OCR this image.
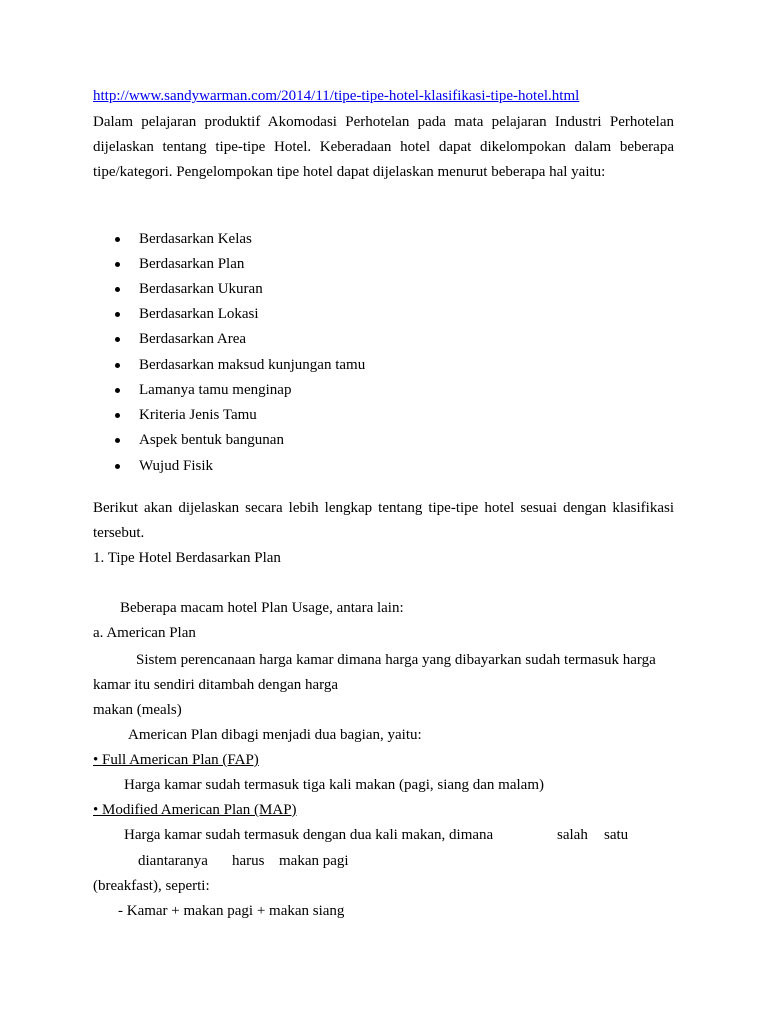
http://www.sandywarman.com/2014/11/tipe-tipe-hotel-klasifikasi-tipe-hotel.html
Dalam pelajaran produktif Akomodasi Perhotelan pada mata pelajaran Industri Perhotelan
dijelaskan tentang tipe-tipe Hotel. Keberadaan hotel dapat dikelompokan dalam beberapa
tipe/kategori. Pengelompokan tipe hotel dapat dijelaskan menurut beberapa hal yaitu:
Berdasarkan Kelas
Berdasarkan Plan
Berdasarkan Ukuran
Berdasarkan Lokasi
Berdasarkan Area
Berdasarkan maksud kunjungan tamu
Lamanya tamu menginap
Kriteria Jenis Tamu
Aspek bentuk bangunan
Wujud Fisik
Berikut akan dijelaskan secara lebih lengkap tentang tipe-tipe hotel sesuai dengan klasifikasi
tersebut.
1. Tipe Hotel Berdasarkan Plan
Beberapa macam hotel Plan Usage, antara lain:
a. American Plan
Sistem perencanaan harga kamar dimana harga yang dibayarkan sudah termasuk harga
kamar itu sendiri ditambah dengan harga
makan (meals)
American Plan dibagi menjadi dua bagian, yaitu:
• Full American Plan (FAP)
Harga kamar sudah termasuk tiga kali makan (pagi, siang dan malam)
• Modified American Plan (MAP)
Harga kamar sudah termasuk dengan dua kali makan, dimana	salah satu
diantaranya harus makan pagi
(breakfast), seperti:
- Kamar + makan pagi + makan siang
